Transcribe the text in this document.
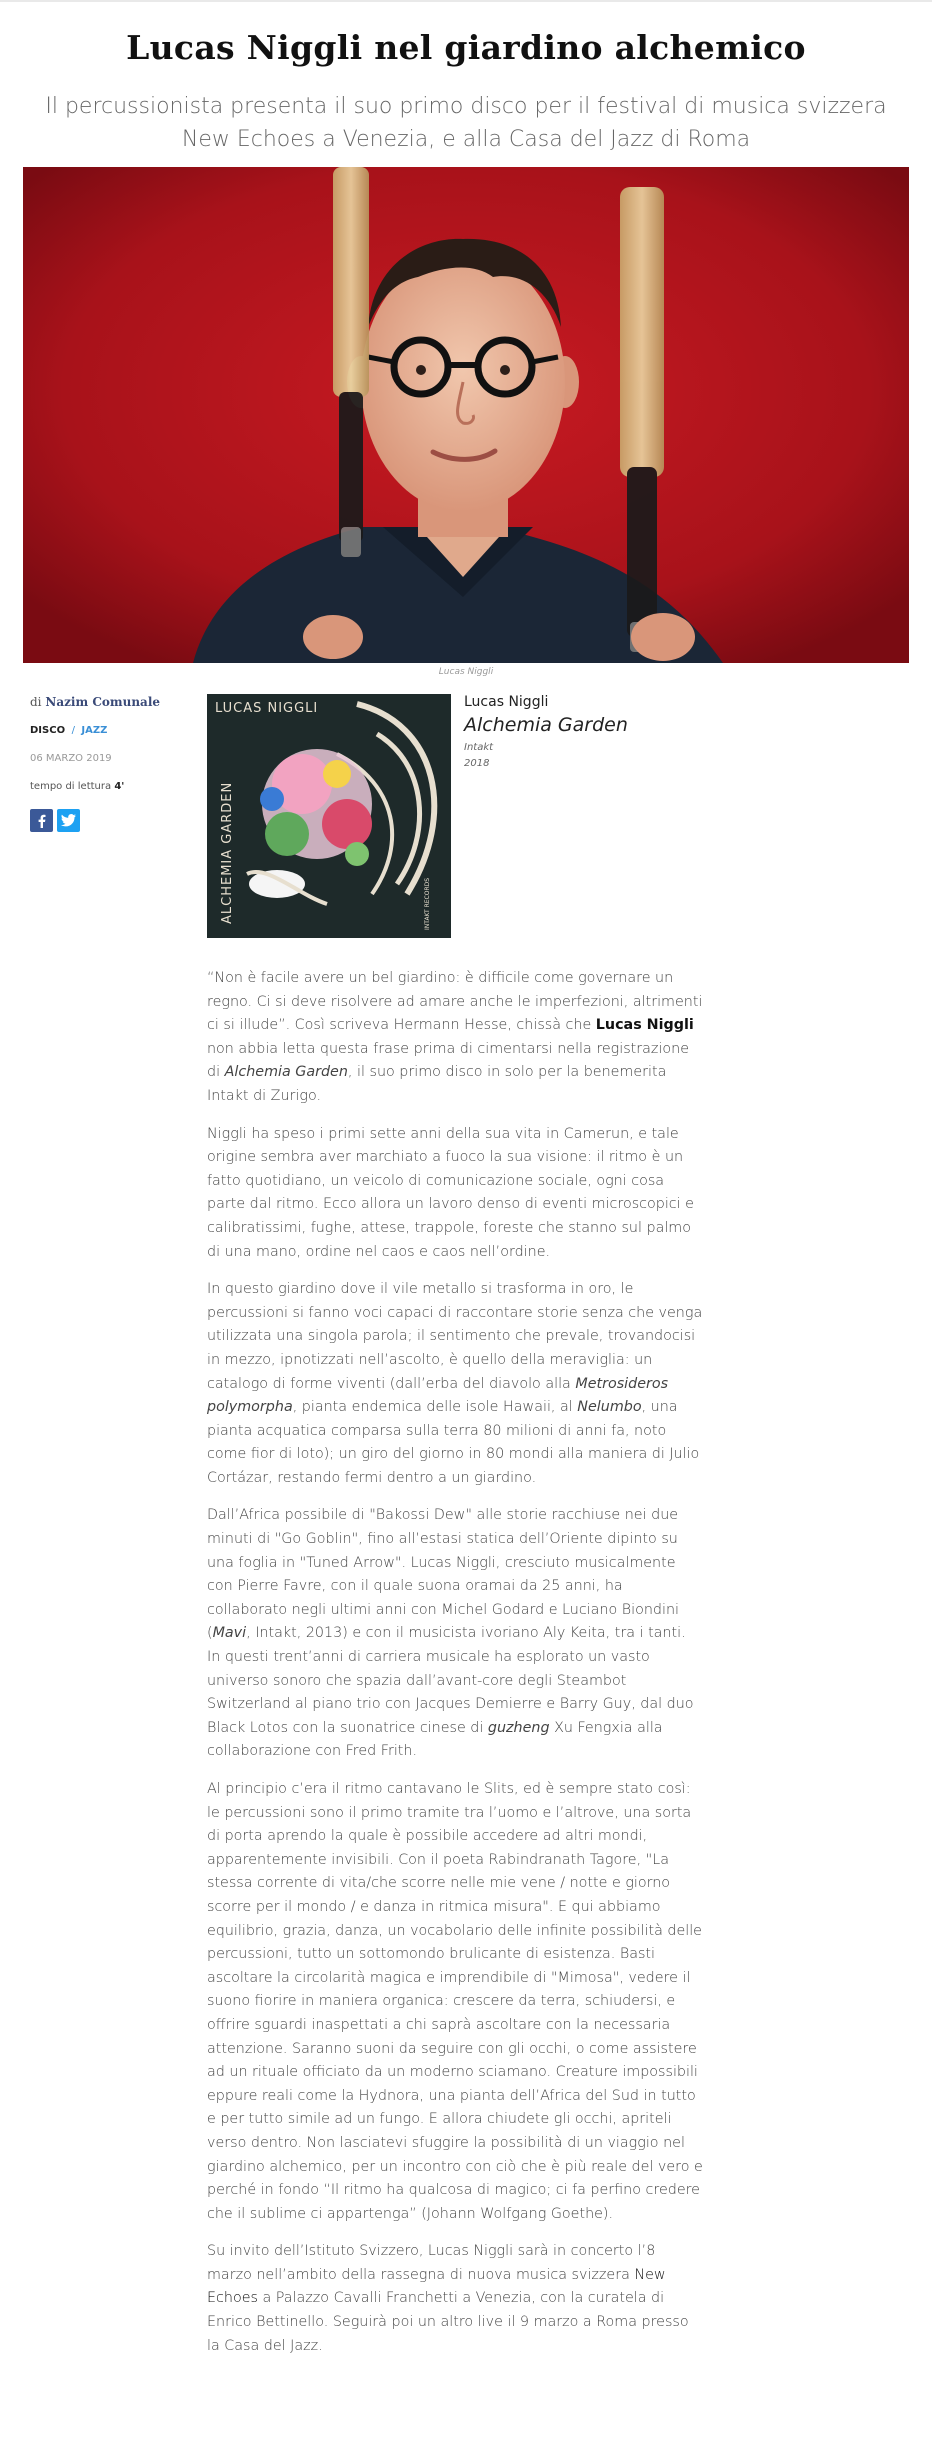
Lucas Niggli nel giardino alchemico
Il percussionista presenta il suo primo disco per il festival di musica svizzera New Echoes a Venezia, e alla Casa del Jazz di Roma
Lucas Niggli
di Nazim Comunale
DISCO / JAZZ
06 MARZO 2019
tempo di lettura 4'
LUCAS NIGGLI
ALCHEMIA GARDEN	INTAKT RECORDS
Lucas Niggli
Alchemia Garden
Intakt
2018

“Non è facile avere un bel giardino: è difficile come governare un regno. Ci si deve risolvere ad amare anche le imperfezioni, altrimenti ci si illude”. Così scriveva Hermann Hesse, chissà che Lucas Niggli non abbia letta questa frase prima di cimentarsi nella registrazione di Alchemia Garden, il suo primo disco in solo per la benemerita Intakt di Zurigo.

Niggli ha speso i primi sette anni della sua vita in Camerun, e tale origine sembra aver marchiato a fuoco la sua visione: il ritmo è un fatto quotidiano, un veicolo di comunicazione sociale, ogni cosa parte dal ritmo. Ecco allora un lavoro denso di eventi microscopici e calibratissimi, fughe, attese, trappole, foreste che stanno sul palmo di una mano, ordine nel caos e caos nell’ordine.

In questo giardino dove il vile metallo si trasforma in oro, le percussioni si fanno voci capaci di raccontare storie senza che venga utilizzata una singola parola; il sentimento che prevale, trovandocisi in mezzo, ipnotizzati nell’ascolto, è quello della meraviglia: un catalogo di forme viventi (dall’erba del diavolo alla Metrosideros polymorpha, pianta endemica delle isole Hawaii, al Nelumbo, una pianta acquatica comparsa sulla terra 80 milioni di anni fa, noto come fior di loto); un giro del giorno in 80 mondi alla maniera di Julio Cortázar, restando fermi dentro a un giardino.

Dall’Africa possibile di "Bakossi Dew" alle storie racchiuse nei due minuti di "Go Goblin", fino all’estasi statica dell’Oriente dipinto su una foglia in "Tuned Arrow". Lucas Niggli, cresciuto musicalmente con Pierre Favre, con il quale suona oramai da 25 anni, ha collaborato negli ultimi anni con Michel Godard e Luciano Biondini (Mavi, Intakt, 2013) e con il musicista ivoriano Aly Keita, tra i tanti. In questi trent’anni di carriera musicale ha esplorato un vasto universo sonoro che spazia dall’avant-core degli Steambot Switzerland al piano trio con Jacques Demierre e Barry Guy, dal duo Black Lotos con la suonatrice cinese di guzheng Xu Fengxia alla collaborazione con Fred Frith.

Al principio c’era il ritmo cantavano le Slits, ed è sempre stato così: le percussioni sono il primo tramite tra l’uomo e l’altrove, una sorta di porta aprendo la quale è possibile accedere ad altri mondi, apparentemente invisibili. Con il poeta Rabindranath Tagore, "La stessa corrente di vita/che scorre nelle mie vene / notte e giorno scorre per il mondo / e danza in ritmica misura". E qui abbiamo equilibrio, grazia, danza, un vocabolario delle infinite possibilità delle percussioni, tutto un sottomondo brulicante di esistenza. Basti ascoltare la circolarità magica e imprendibile di "Mimosa", vedere il suono fiorire in maniera organica: crescere da terra, schiudersi, e offrire sguardi inaspettati a chi saprà ascoltare con la necessaria attenzione. Saranno suoni da seguire con gli occhi, o come assistere ad un rituale officiato da un moderno sciamano. Creature impossibili eppure reali come la Hydnora, una pianta dell’Africa del Sud in tutto e per tutto simile ad un fungo. E allora chiudete gli occhi, apriteli verso dentro. Non lasciatevi sfuggire la possibilità di un viaggio nel giardino alchemico, per un incontro con ciò che è più reale del vero e perché in fondo “Il ritmo ha qualcosa di magico; ci fa perfino credere che il sublime ci appartenga” (Johann Wolfgang Goethe).

Su invito dell’Istituto Svizzero, Lucas Niggli sarà in concerto l’8 marzo nell’ambito della rassegna di nuova musica svizzera New Echoes a Palazzo Cavalli Franchetti a Venezia, con la curatela di Enrico Bettinello. Seguirà poi un altro live il 9 marzo a Roma presso la Casa del Jazz.
